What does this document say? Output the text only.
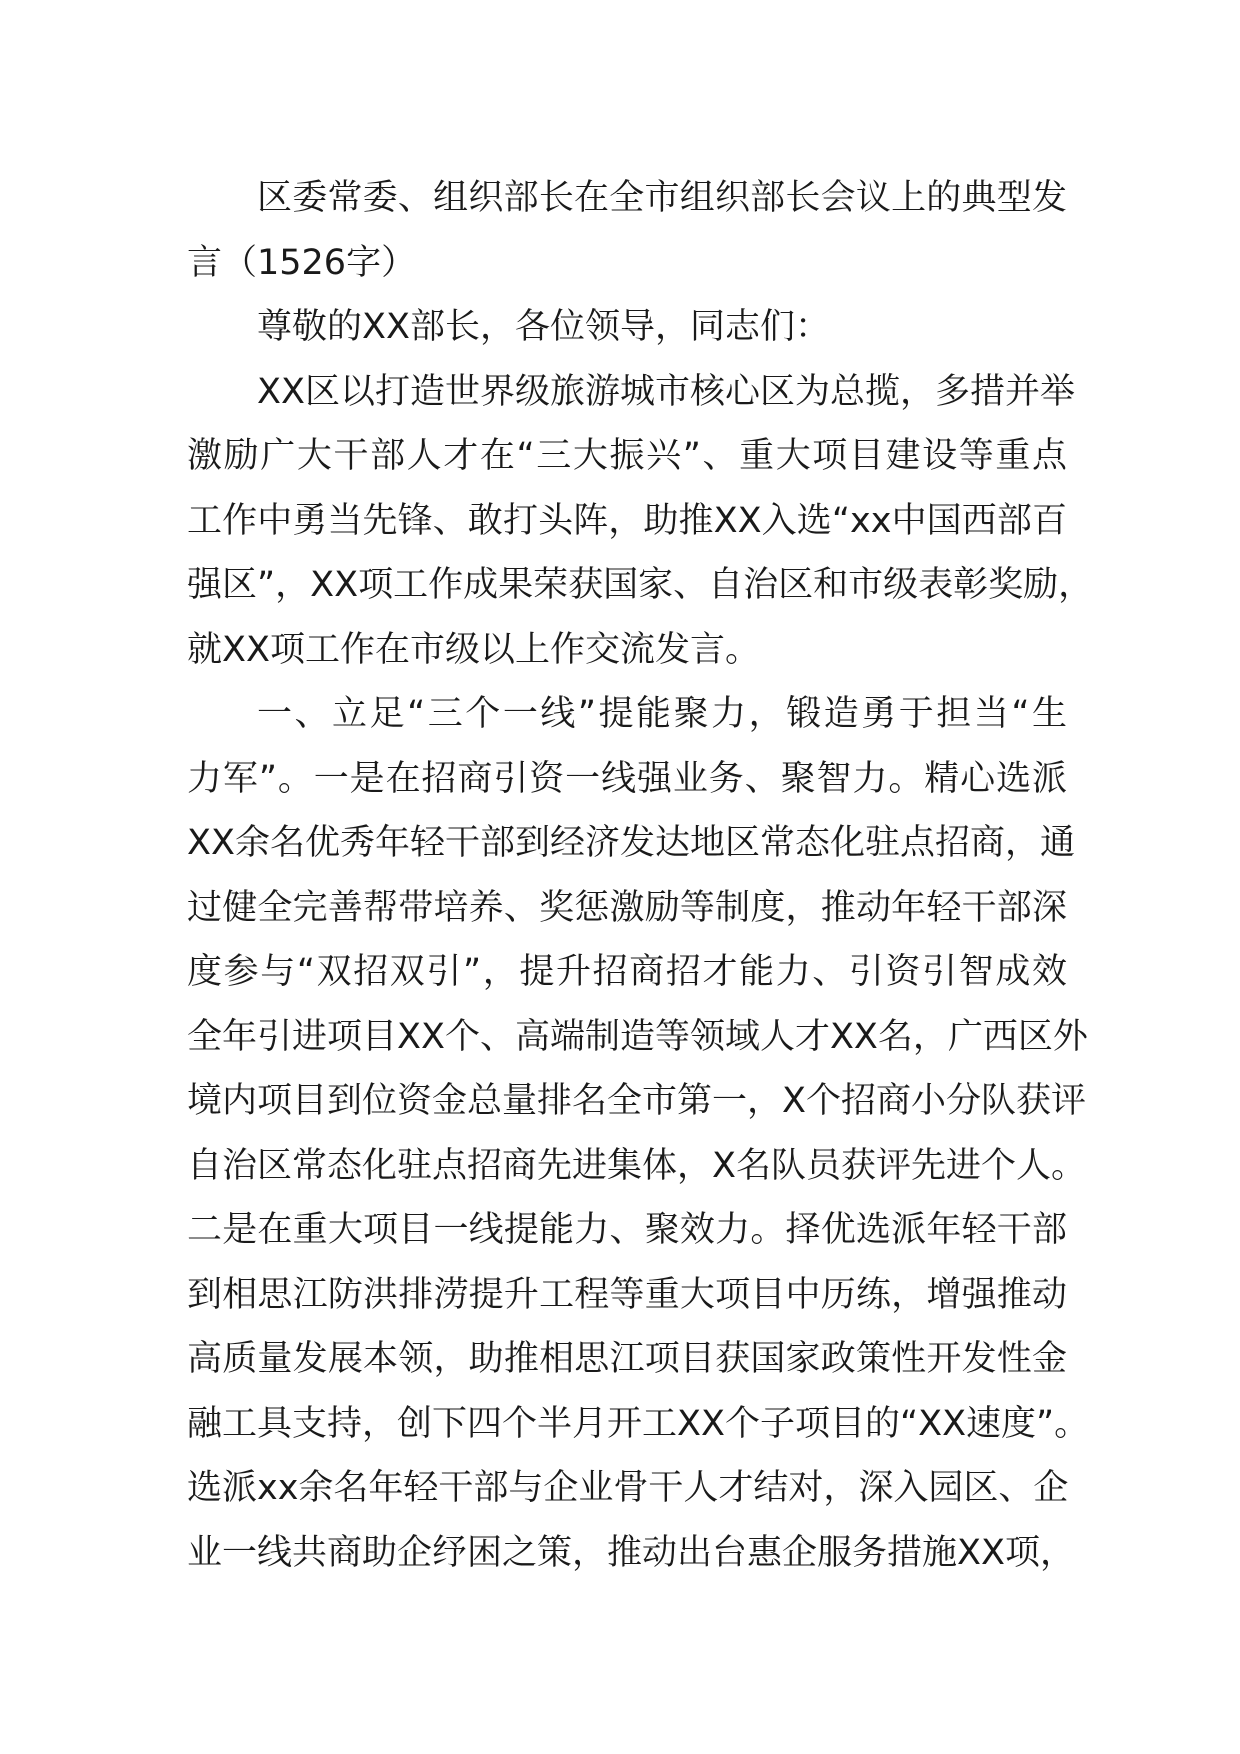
区委常委、组织部长在全市组织部长会议上的典型发
言（1526字）
尊敬的XX部长，各位领导，同志们：
XX区以打造世界级旅游城市核心区为总揽，多措并举
激励广大干部人才在“三大振兴”、重大项目建设等重点
工作中勇当先锋、敢打头阵，助推XX入选“xx中国西部百
强区”，XX项工作成果荣获国家、自治区和市级表彰奖励，
就XX项工作在市级以上作交流发言。
一、立足“三个一线”提能聚力，锻造勇于担当“生
力军”。一是在招商引资一线强业务、聚智力。精心选派
XX余名优秀年轻干部到经济发达地区常态化驻点招商，通
过健全完善帮带培养、奖惩激励等制度，推动年轻干部深
度参与“双招双引”，提升招商招才能力、引资引智成效
全年引进项目XX个、高端制造等领域人才XX名，广西区外
境内项目到位资金总量排名全市第一，X个招商小分队获评
自治区常态化驻点招商先进集体，X名队员获评先进个人。
二是在重大项目一线提能力、聚效力。择优选派年轻干部
到相思江防洪排涝提升工程等重大项目中历练，增强推动
高质量发展本领，助推相思江项目获国家政策性开发性金
融工具支持，创下四个半月开工XX个子项目的“XX速度”。
选派xx余名年轻干部与企业骨干人才结对，深入园区、企
业一线共商助企纾困之策，推动出台惠企服务措施XX项，
